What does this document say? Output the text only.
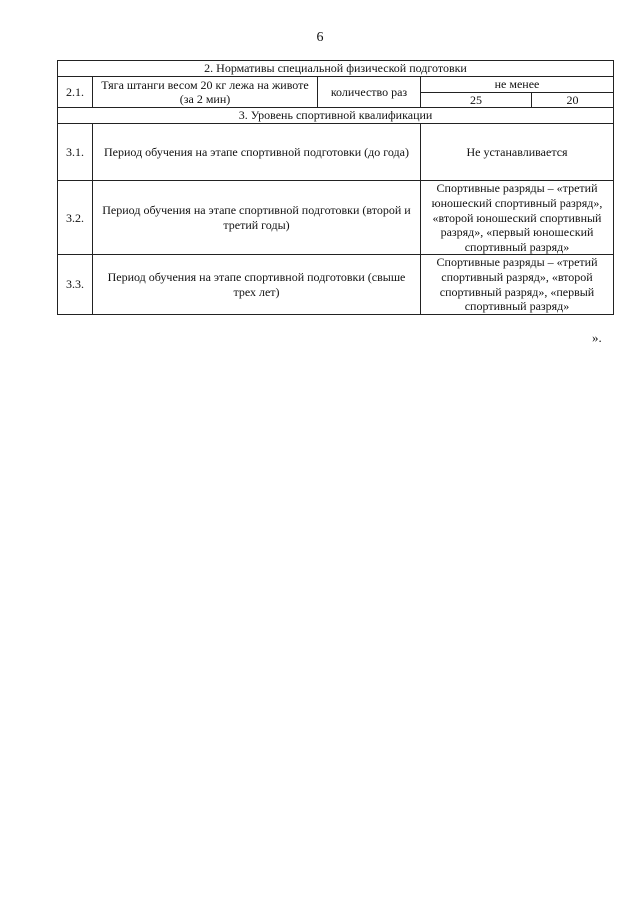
6
2. Нормативы специальной физической подготовки				
2.1.	Тяга штанги весом 20 кг лежа на животе (за 2 мин)	количество раз	не менее	
			25	20
3. Уровень спортивной квалификации				
3.1.	Период обучения на этапе спортивной подготовки (до года)		Не устанавливается	
3.2.	Период обучения на этапе спортивной подготовки (второй и третий годы)		Спортивные разряды – «третий юношеский спортивный разряд», «второй юношеский спортивный разряд», «первый юношеский спортивный разряд»	
3.3.	Период обучения на этапе спортивной подготовки (свыше трех лет)		Спортивные разряды – «третий спортивный разряд», «второй спортивный разряд», «первый спортивный разряд»	
».
